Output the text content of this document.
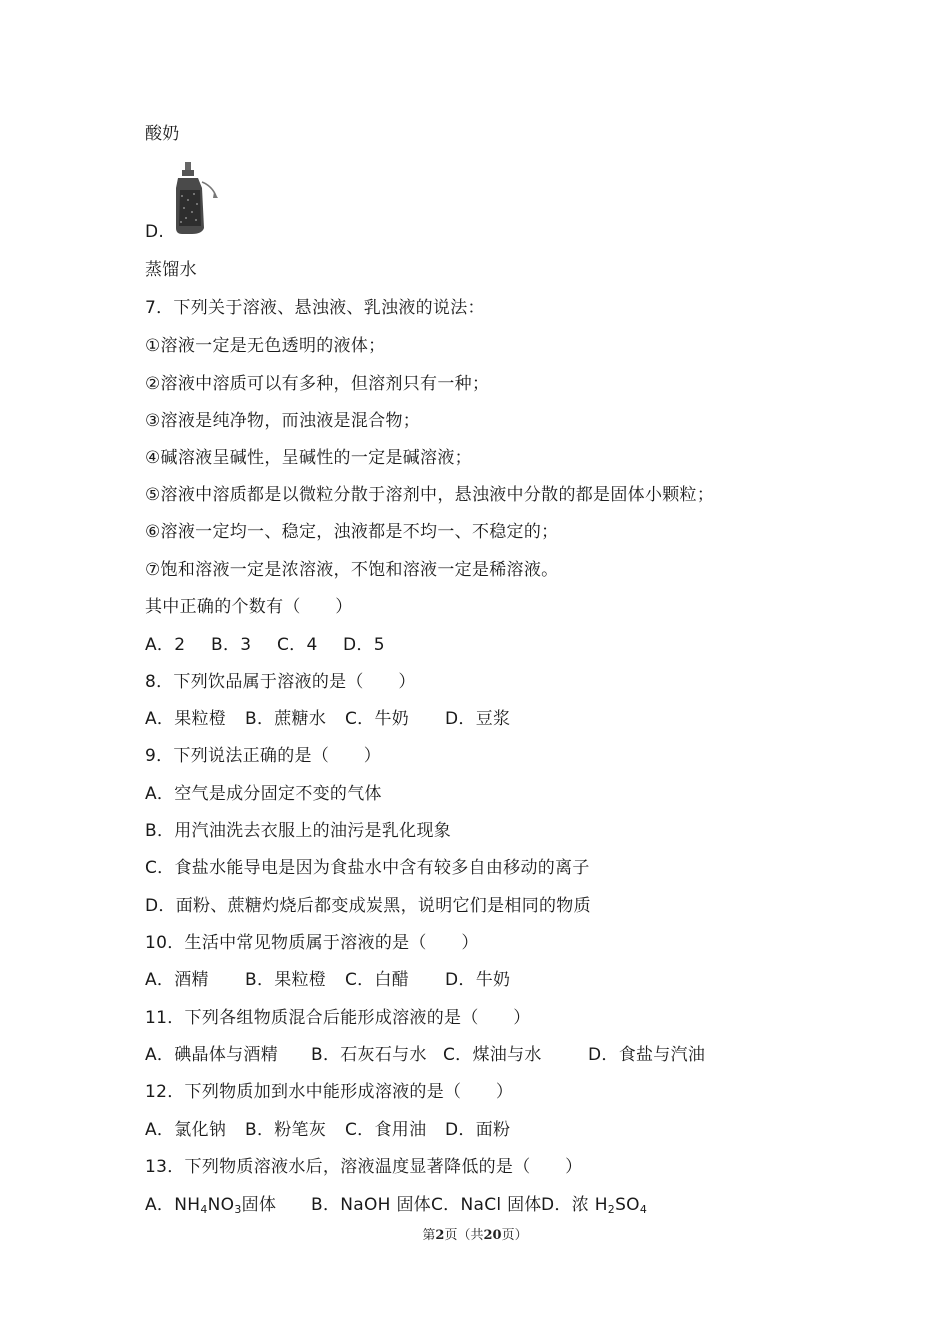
酸奶
D.
蒸馏水
7．下列关于溶液、悬浊液、乳浊液的说法：
①溶液一定是无色透明的液体；
②溶液中溶质可以有多种，但溶剂只有一种；
③溶液是纯净物，而浊液是混合物；
④碱溶液呈碱性，呈碱性的一定是碱溶液；
⑤溶液中溶质都是以微粒分散于溶剂中，悬浊液中分散的都是固体小颗粒；
⑥溶液一定均一、稳定，浊液都是不均一、不稳定的；
⑦饱和溶液一定是浓溶液，不饱和溶液一定是稀溶液。
其中正确的个数有（　　）
A．2 B．3 C．4 D．5
8．下列饮品属于溶液的是（　　）
A．果粒橙 B．蔗糖水 C．牛奶 D．豆浆
9．下列说法正确的是（　　）
A．空气是成分固定不变的气体
B．用汽油洗去衣服上的油污是乳化现象
C．食盐水能导电是因为食盐水中含有较多自由移动的离子
D．面粉、蔗糖灼烧后都变成炭黑，说明它们是相同的物质
10．生活中常见物质属于溶液的是（　　）
A．酒精 B．果粒橙 C．白醋 D．牛奶
11．下列各组物质混合后能形成溶液的是（　　）
A．碘晶体与酒精 B．石灰石与水 C．煤油与水	D．食盐与汽油
12．下列物质加到水中能形成溶液的是（　　）
A．氯化钠 B．粉笔灰 C．食用油 D．面粉
13．下列物质溶液水后，溶液温度显著降低的是（　　）
A．$NH_4NO_3$固体 B．NaOH 固体C．NaCl 固体D．浓 $H_2SO_4$
第2页（共20页）
